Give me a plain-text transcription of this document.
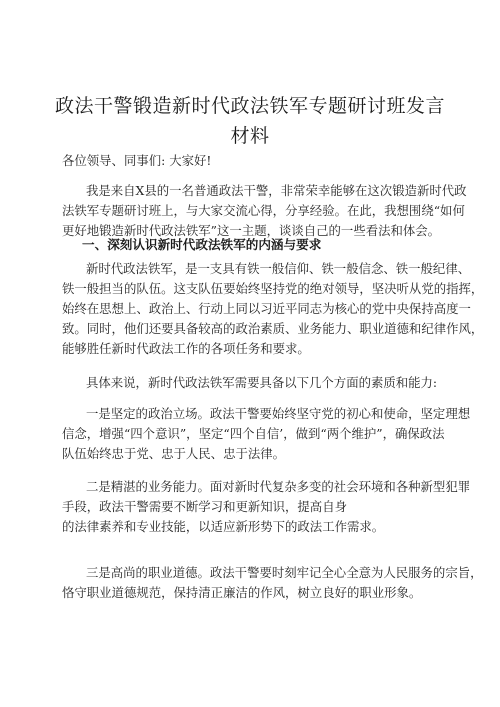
政法干警锻造新时代政法铁军专题研讨班发言
材料
各位领导、同事们: 大家好!
我是来自X县的一名普通政法干警，非常荣幸能够在这次锻造新时代政
法铁军专题研讨班上，与大家交流心得，分享经验。在此，我想围绕“如何
更好地锻造新时代政法铁军”这一主题，谈谈自己的一些看法和体会。
一、深刻认识新时代政法铁军的内涵与要求
新时代政法铁军，是一支具有铁一般信仰、铁一般信念、铁一般纪律、
铁一般担当的队伍。这支队伍要始终坚持党的绝对领导，坚决听从党的指挥，
始终在思想上、政治上、行动上同以习近平同志为核心的党中央保持高度一
致。同时，他们还要具备较高的政治素质、业务能力、职业道德和纪律作风，
能够胜任新时代政法工作的各项任务和要求。
具体来说，新时代政法铁军需要具备以下几个方面的素质和能力:
一是坚定的政治立场。政法干警要始终坚守党的初心和使命，坚定理想
信念，增强“四个意识”，坚定“四个自信’，做到“两个维护”，确保政法
队伍始终忠于党、忠于人民、忠于法律。
二是精湛的业务能力。面对新时代复杂多变的社会环境和各种新型犯罪
手段，政法干警需要不断学习和更新知识，提高自身
的法律素养和专业技能，以适应新形势下的政法工作需求。
三是高尚的职业道德。政法干警要时刻牢记全心全意为人民服务的宗旨，
恪守职业道德规范，保持清正廉洁的作风，树立良好的职业形象。
